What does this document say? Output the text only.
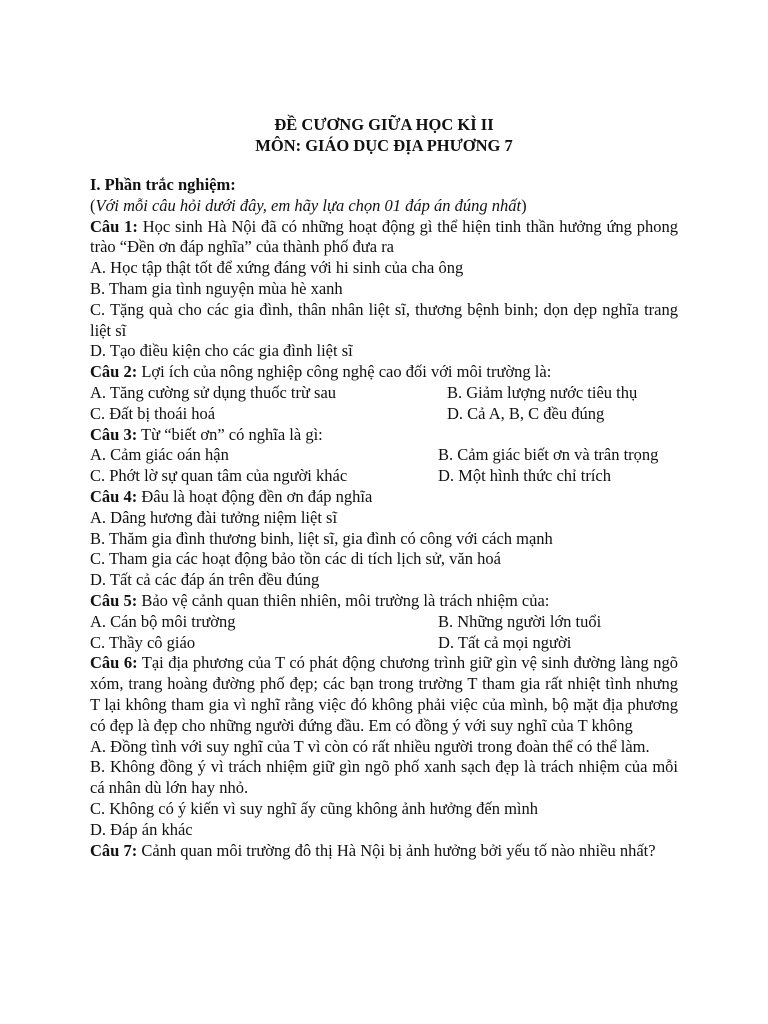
ĐỀ CƯƠNG GIỮA HỌC KÌ II

MÔN: GIÁO DỤC ĐỊA PHƯƠNG 7

I. Phần trắc nghiệm:

(Với mỗi câu hỏi dưới đây, em hãy lựa chọn 01 đáp án đúng nhất)

Câu 1: Học sinh Hà Nội đã có những hoạt động gì thể hiện tinh thần hưởng ứng phong trào “Đền ơn đáp nghĩa” của thành phố đưa ra

A. Học tập thật tốt để xứng đáng với hi sinh của cha ông

B. Tham gia tình nguyện mùa hè xanh

C. Tặng quà cho các gia đình, thân nhân liệt sĩ, thương bệnh binh; dọn dẹp nghĩa trang liệt sĩ

D. Tạo điều kiện cho các gia đình liệt sĩ

Câu 2: Lợi ích của nông nghiệp công nghệ cao đối với môi trường là:

A. Tăng cường sử dụng thuốc trừ sau	B. Giảm lượng nước tiêu thụ
C. Đất bị thoái hoá	D. Cả A, B, C đều đúng

Câu 3: Từ “biết ơn” có nghĩa là gì:

A. Cảm giác oán hận	B. Cảm giác biết ơn và trân trọng
C. Phớt lờ sự quan tâm của người khác	D. Một hình thức chỉ trích

Câu 4: Đâu là hoạt động đền ơn đáp nghĩa

A. Dâng hương đài tưởng niệm liệt sĩ

B. Thăm gia đình thương binh, liệt sĩ, gia đình có công với cách mạnh

C. Tham gia các hoạt động bảo tồn các di tích lịch sử, văn hoá

D. Tất cả các đáp án trên đều đúng

Câu 5: Bảo vệ cảnh quan thiên nhiên, môi trường là trách nhiệm của:

A. Cán bộ môi trường	B. Những người lớn tuổi
C. Thầy cô giáo	D. Tất cả mọi người

Câu 6: Tại địa phương của T có phát động chương trình giữ gìn vệ sinh đường làng ngõ xóm, trang hoàng đường phố đẹp; các bạn trong trường T tham gia rất nhiệt tình nhưng T lại không tham gia vì nghĩ rằng việc đó không phải việc của mình, bộ mặt địa phương có đẹp là đẹp cho những người đứng đầu. Em có đồng ý với suy nghĩ của T không

A. Đồng tình với suy nghĩ của T vì còn có rất nhiều người trong đoàn thể có thể làm.

B. Không đồng ý vì trách nhiệm giữ gìn ngõ phố xanh sạch đẹp là trách nhiệm của mỗi cá nhân dù lớn hay nhỏ.

C. Không có ý kiến vì suy nghĩ ấy cũng không ảnh hưởng đến mình

D. Đáp án khác

Câu 7: Cảnh quan môi trường đô thị Hà Nội bị ảnh hưởng bởi yếu tố nào nhiều nhất?
